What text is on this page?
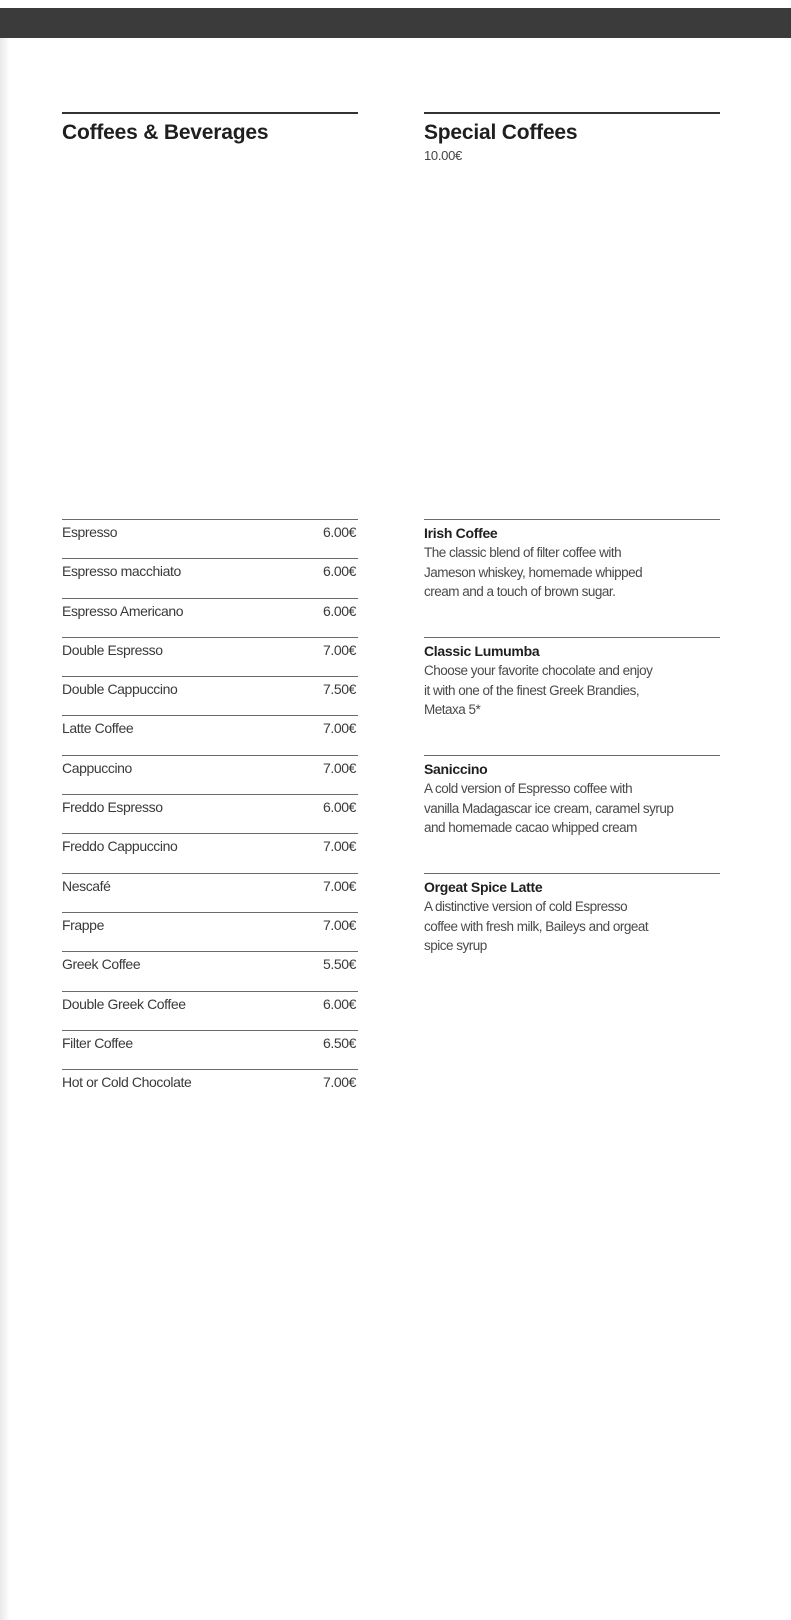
Coffees & Beverages	Special Coffees
10.00€
Espresso	6.00€
Espresso macchiato	6.00€
Espresso Americano	6.00€
Double Espresso	7.00€
Double Cappuccino	7.50€
Latte Coffee	7.00€
Cappuccino	7.00€
Freddo Espresso	6.00€
Freddo Cappuccino	7.00€
Nescafé	7.00€
Frappe	7.00€
Greek Coffee	5.50€
Double Greek Coffee	6.00€
Filter Coffee	6.50€
Hot or Cold Chocolate	7.00€
Irish Coffee
The classic blend of filter coffee with
Jameson whiskey, homemade whipped
cream and a touch of brown sugar.
Classic Lumumba
Choose your favorite chocolate and enjoy
it with one of the finest Greek Brandies,
Metaxa 5*
Saniccino
A cold version of Espresso coffee with
vanilla Madagascar ice cream, caramel syrup
and homemade cacao whipped cream
Orgeat Spice Latte
A distinctive version of cold Espresso
coffee with fresh milk, Baileys and orgeat
spice syrup
